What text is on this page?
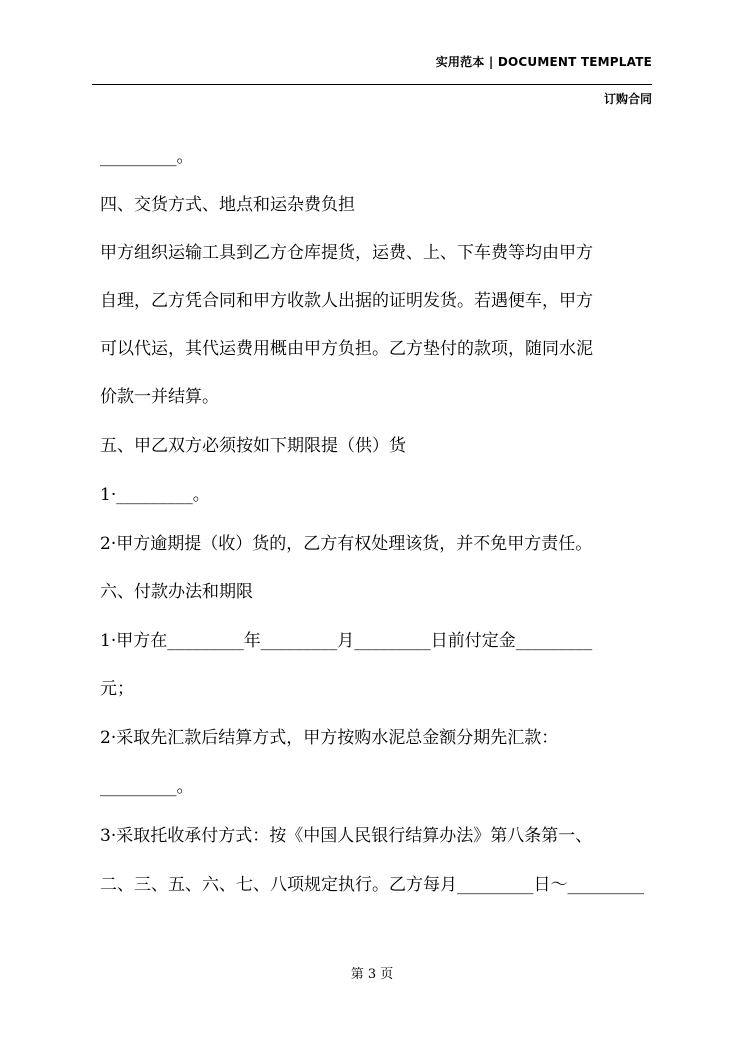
实用范本 | DOCUMENT TEMPLATE
订购合同
_________。
四、交货方式、地点和运杂费负担
甲方组织运输工具到乙方仓库提货，运费、上、下车费等均由甲方
自理，乙方凭合同和甲方收款人出据的证明发货。若遇便车，甲方
可以代运，其代运费用概由甲方负担。乙方垫付的款项，随同水泥
价款一并结算。
五、甲乙双方必须按如下期限提（供）货
1·_________。
2·甲方逾期提（收）货的，乙方有权处理该货，并不免甲方责任。
六、付款办法和期限
1·甲方在_________年_________月_________日前付定金_________
元；
2·采取先汇款后结算方式，甲方按购水泥总金额分期先汇款：
_________。
3·采取托收承付方式：按《中国人民银行结算办法》第八条第一、
二、三、五、六、七、八项规定执行。乙方每月_________日～_________
第 3 页
